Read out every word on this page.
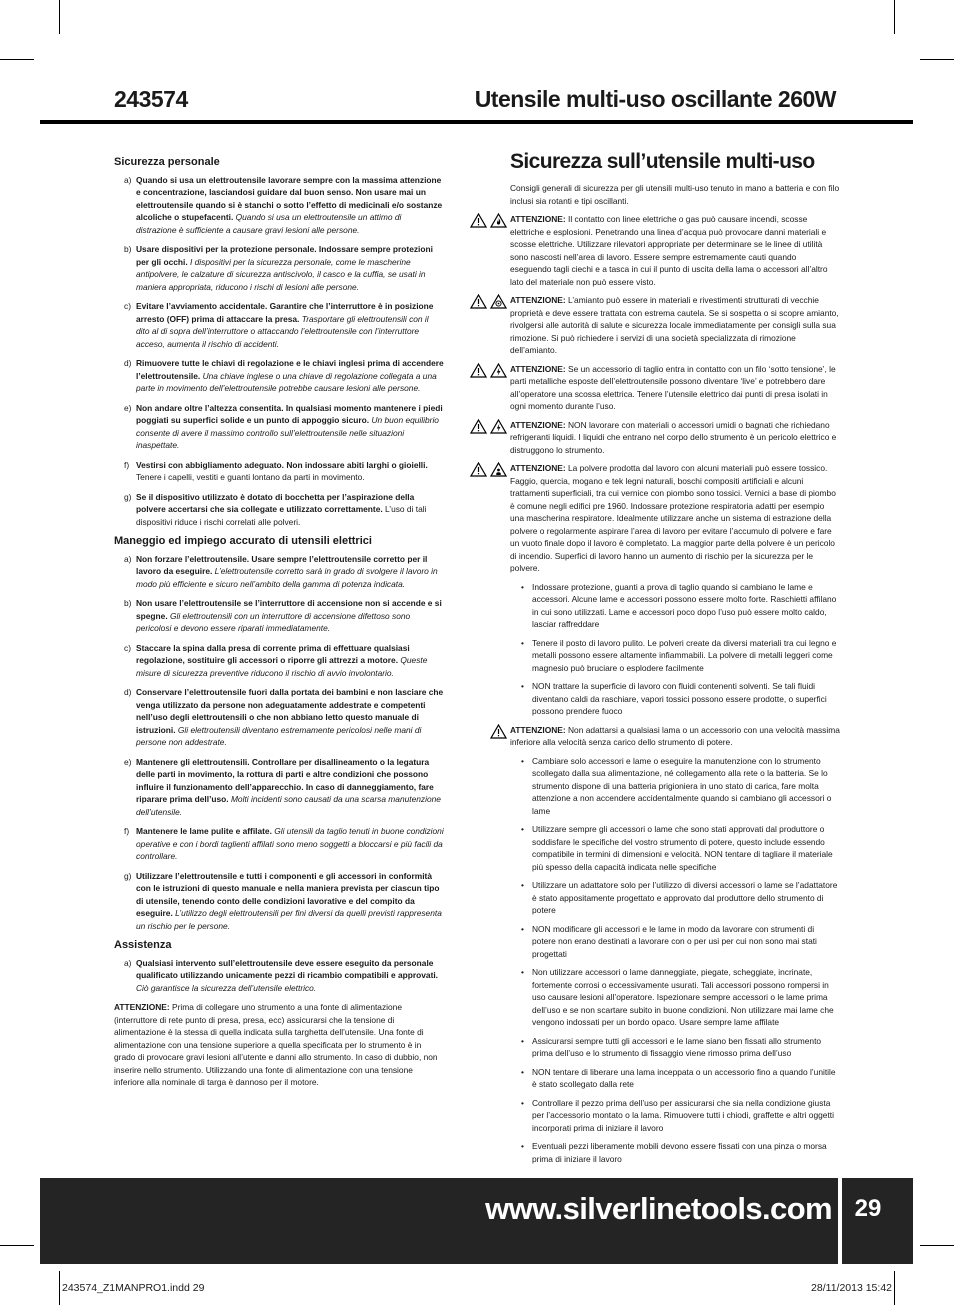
243574	Utensile multi-uso oscillante 260W
Sicurezza personale
a) Quando si usa un elettroutensile lavorare sempre con la massima attenzione e concentrazione, lasciandosi guidare dal buon senso. Non usare mai un elettroutensile quando si è stanchi o sotto l’effetto di medicinali e/o sostanze alcoliche o stupefacenti. Quando si usa un elettroutensile un attimo di distrazione è sufficiente a causare gravi lesioni alle persone.
b) Usare dispositivi per la protezione personale. Indossare sempre protezioni per gli occhi. I dispositivi per la sicurezza personale, come le mascherine antipolvere, le calzature di sicurezza antiscivolo, il casco e la cuffia, se usati in maniera appropriata, riducono i rischi di lesioni alle persone.
c) Evitare l’avviamento accidentale. Garantire che l’interruttore è in posizione arresto (OFF) prima di attaccare la presa. Trasportare gli elettroutensili con il dito al di sopra dell’interruttore o attaccando l’elettroutensile con l’interruttore acceso, aumenta il rischio di accidenti.
d) Rimuovere tutte le chiavi di regolazione e le chiavi inglesi prima di accendere l’elettroutensile. Una chiave inglese o una chiave di regolazione collegata a una parte in movimento dell’elettroutensile potrebbe causare lesioni alle persone.
e) Non andare oltre l’altezza consentita. In qualsiasi momento mantenere i piedi poggiati su superfici solide e un punto di appoggio sicuro. Un buon equilibrio consente di avere il massimo controllo sull’elettroutensile nelle situazioni inaspettate.
f) Vestirsi con abbigliamento adeguato. Non indossare abiti larghi o gioielli. Tenere i capelli, vestiti e guanti lontano da parti in movimento.
g) Se il dispositivo utilizzato è dotato di bocchetta per l’aspirazione della polvere accertarsi che sia collegate e utilizzato correttamente. L’uso di tali dispositivi riduce i rischi correlati alle polveri.
Maneggio ed impiego accurato di utensili elettrici
a) Non forzare l’elettroutensile. Usare sempre l’elettroutensile corretto per il lavoro da eseguire. L’elettroutensile corretto sarà in grado di svolgere il lavoro in modo più efficiente e sicuro nell’ambito della gamma di potenza indicata.
b) Non usare l’elettroutensile se l’interruttore di accensione non si accende e si spegne. Gli elettroutensili con un interruttore di accensione difettoso sono pericolosi e devono essere riparati immediatamente.
c) Staccare la spina dalla presa di corrente prima di effettuare qualsiasi regolazione, sostituire gli accessori o riporre gli attrezzi a motore. Queste misure di sicurezza preventive riducono il rischio di avvio involontario.
d) Conservare l’elettroutensile fuori dalla portata dei bambini e non lasciare che venga utilizzato da persone non adeguatamente addestrate e competenti nell’uso degli elettroutensili o che non abbiano letto questo manuale di istruzioni. Gli elettroutensili diventano estremamente pericolosi nelle mani di persone non addestrate.
e) Mantenere gli elettroutensili. Controllare per disallineamento o la legatura delle parti in movimento, la rottura di parti e altre condizioni che possono influire il funzionamento dell’apparecchio. In caso di danneggiamento, fare riparare prima dell’uso. Molti incidenti sono causati da una scarsa manutenzione dell’utensile.
f) Mantenere le lame pulite e affilate. Gli utensili da taglio tenuti in buone condizioni operative e con i bordi taglienti affilati sono meno soggetti a bloccarsi e più facili da controllare.
g) Utilizzare l’elettroutensile e tutti i componenti e gli accessori in conformità con le istruzioni di questo manuale e nella maniera prevista per ciascun tipo di utensile, tenendo conto delle condizioni lavorative e del compito da eseguire. L’utilizzo degli elettroutensili per fini diversi da quelli previsti rappresenta un rischio per le persone.
Assistenza
a) Qualsiasi intervento sull’elettroutensile deve essere eseguito da personale qualificato utilizzando unicamente pezzi di ricambio compatibili e approvati. Ciò garantisce la sicurezza dell’utensile elettrico.
ATTENZIONE: Prima di collegare uno strumento a una fonte di alimentazione (interruttore di rete punto di presa, presa, ecc) assicurarsi che la tensione di alimentazione è la stessa di quella indicata sulla targhetta dell’utensile. Una fonte di alimentazione con una tensione superiore a quella specificata per lo strumento è in grado di provocare gravi lesioni all’utente e danni allo strumento. In caso di dubbio, non inserire nello strumento. Utilizzando una fonte di alimentazione con una tensione inferiore alla nominale di targa è dannoso per il motore.
Sicurezza sull’utensile multi-uso
Consigli generali di sicurezza per gli utensili multi-uso tenuto in mano a batteria e con filo inclusi sia rotanti e tipi oscillanti.
ATTENZIONE: Il contatto con linee elettriche o gas può causare incendi, scosse elettriche e esplosioni. Penetrando una linea d’acqua può provocare danni materiali e scosse elettriche. Utilizzare rilevatori appropriate per determinare se le linee di utilità sono nascosti nell’area di lavoro. Essere sempre estremamente cauti quando eseguendo tagli ciechi e a tasca in cui il punto di uscita della lama o accessori all’altro lato del materiale non può essere visto.
ATTENZIONE: L’amianto può essere in materiali e rivestimenti strutturati di vecchie proprietà e deve essere trattata con estrema cautela. Se si sospetta o si scopre amianto, rivolgersi alle autorità di salute e sicurezza locale immediatamente per consigli sulla sua rimozione. Si può richiedere i servizi di una società specializzata di rimozione dell’amianto.
ATTENZIONE: Se un accessorio di taglio entra in contatto con un filo ‘sotto tensione’, le parti metalliche esposte dell’elettroutensile possono diventare ‘live’ e potrebbero dare all’operatore una scossa elettrica. Tenere l’utensile elettrico dai punti di presa isolati in ogni momento durante l’uso.
ATTENZIONE: NON lavorare con materiali o accessori umidi o bagnati che richiedano refrigeranti liquidi. I liquidi che entrano nel corpo dello strumento è un pericolo elettrico e distruggono lo strumento.
ATTENZIONE: La polvere prodotta dal lavoro con alcuni materiali può essere tossico. Faggio, quercia, mogano e tek legni naturali, boschi compositi artificiali e alcuni trattamenti superficiali, tra cui vernice con piombo sono tossici. Vernici a base di piombo è comune negli edifici pre 1960. Indossare protezione respiratoria adatti per esempio una mascherina respiratore. Idealmente utilizzare anche un sistema di estrazione della polvere o regolarmente aspirare l’area di lavoro per evitare l’accumulo di polvere e fare un vuoto finale dopo il lavoro è completato. La maggior parte della polvere è un pericolo di incendio. Superfici di lavoro hanno un aumento di rischio per la sicurezza per le polvere.
• Indossare protezione, guanti a prova di taglio quando si cambiano le lame e accessori. Alcune lame e accessori possono essere molto forte. Raschietti affilano in cui sono utilizzati. Lame e accessori poco dopo l’uso può essere molto caldo, lasciar raffreddare
• Tenere il posto di lavoro pulito. Le polveri create da diversi materiali tra cui legno e metalli possono essere altamente infiammabili. La polvere di metalli leggeri come magnesio può bruciare o esplodere facilmente
• NON trattare la superficie di lavoro con fluidi contenenti solventi. Se tali fluidi diventano caldi da raschiare, vapori tossici possono essere prodotte, o superfici possono prendere fuoco
ATTENZIONE: Non adattarsi a qualsiasi lama o un accessorio con una velocità massima inferiore alla velocità senza carico dello strumento di potere.
• Cambiare solo accessori e lame o eseguire la manutenzione con lo strumento scollegato dalla sua alimentazione, né collegamento alla rete o la batteria. Se lo strumento dispone di una batteria prigioniera in uno stato di carica, fare molta attenzione a non accendere accidentalmente quando si cambiano gli accessori o lame
• Utilizzare sempre gli accessori o lame che sono stati approvati dal produttore o soddisfare le specifiche del vostro strumento di potere, questo include essendo compatibile in termini di dimensioni e velocità. NON tentare di tagliare il materiale più spesso della capacità indicata nelle specifiche
• Utilizzare un adattatore solo per l’utilizzo di diversi accessori o lame se l’adattatore è stato appositamente progettato e approvato dal produttore dello strumento di potere
• NON modificare gli accessori e le lame in modo da lavorare con strumenti di potere non erano destinati a lavorare con o per usi per cui non sono mai stati progettati
• Non utilizzare accessori o lame danneggiate, piegate, scheggiate, incrinate, fortemente corrosi o eccessivamente usurati. Tali accessori possono rompersi in uso causare lesioni all’operatore. Ispezionare sempre accessori o le lame prima dell’uso e se non scartare subito in buone condizioni. Non utilizzare mai lame che vengono indossati per un bordo opaco. Usare sempre lame affilate
• Assicurarsi sempre tutti gli accessori e le lame siano ben fissati allo strumento prima dell’uso e lo strumento di fissaggio viene rimosso prima dell’uso
• NON tentare di liberare una lama inceppata o un accessorio fino a quando l’unitile è stato scollegato dalla rete
• Controllare il pezzo prima dell’uso per assicurarsi che sia nella condizione giusta per l’accessorio montato o la lama. Rimuovere tutti i chiodi, graffette e altri oggetti incorporati prima di iniziare il lavoro
• Eventuali pezzi liberamente mobili devono essere fissati con una pinza o morsa prima di iniziare il lavoro
www.silverlinetools.com 29
243574_Z1MANPRO1.indd 29	28/11/2013 15:42
